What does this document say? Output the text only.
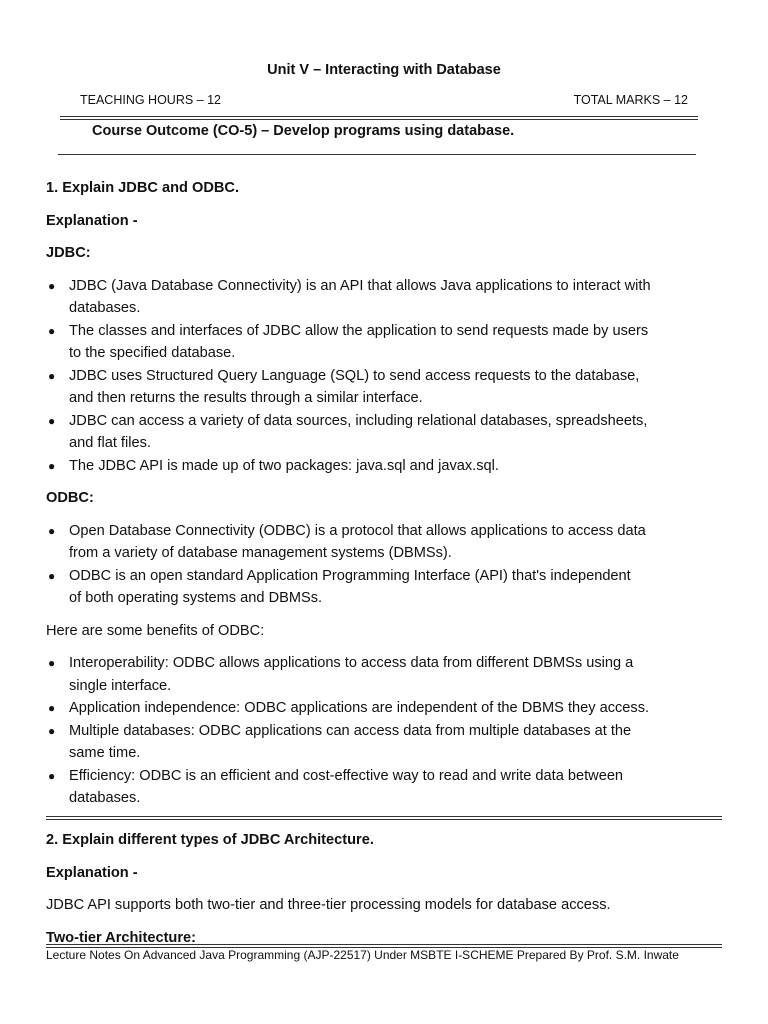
Unit V – Interacting with Database
TEACHING HOURS – 12	TOTAL MARKS – 12
Course Outcome (CO-5) – Develop programs using database.

1. Explain JDBC and ODBC.

Explanation -

JDBC:

● JDBC (Java Database Connectivity) is an API that allows Java applications to interact with
databases.
● The classes and interfaces of JDBC allow the application to send requests made by users
to the specified database.
● JDBC uses Structured Query Language (SQL) to send access requests to the database,
and then returns the results through a similar interface.
● JDBC can access a variety of data sources, including relational databases, spreadsheets,
and flat files.
● The JDBC API is made up of two packages: java.sql and javax.sql.

ODBC:

● Open Database Connectivity (ODBC) is a protocol that allows applications to access data
from a variety of database management systems (DBMSs).
● ODBC is an open standard Application Programming Interface (API) that's independent
of both operating systems and DBMSs.

Here are some benefits of ODBC:

● Interoperability: ODBC allows applications to access data from different DBMSs using a
single interface.
● Application independence: ODBC applications are independent of the DBMS they access.
● Multiple databases: ODBC applications can access data from multiple databases at the
same time.
● Efficiency: ODBC is an efficient and cost-effective way to read and write data between
databases.

2. Explain different types of JDBC Architecture.

Explanation -

JDBC API supports both two-tier and three-tier processing models for database access.

Two-tier Architecture:

Lecture Notes On Advanced Java Programming (AJP-22517) Under MSBTE I-SCHEME Prepared By Prof. S.M. Inwate
